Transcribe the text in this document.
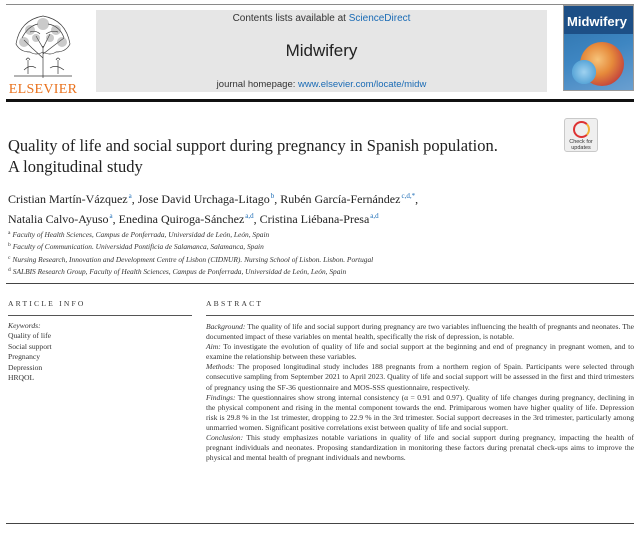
ELSEVIER
Contents lists available at ScienceDirect
Midwifery
journal homepage: www.elsevier.com/locate/midw
Midwifery
Quality of life and social support during pregnancy in Spanish population.
A longitudinal study
Check for
updates
Cristian Martín-Vázquez$^a$, Jose David Urchaga-Litago$^b$, Rubén García-Fernández$^{c,d,*}$,
Natalia Calvo-Ayuso$^a$, Enedina Quiroga-Sánchez$^{a,d}$, Cristina Liébana-Presa$^{a,d}$
$^a$ Faculty of Health Sciences, Campus de Ponferrada, Universidad de León, León, Spain
$^b$ Faculty of Communication. Universidad Pontificia de Salamanca, Salamanca, Spain
$^c$ Nursing Research, Innovation and Development Centre of Lisbon (CIDNUR). Nursing School of Lisbon. Lisbon. Portugal
$^d$ SALBIS Research Group, Faculty of Health Sciences, Campus de Ponferrada, Universidad de León, León, Spain
ARTICLE INFO
Keywords:
Quality of life
Social support
Pregnancy
Depression
HRQOL
ABSTRACT

Background: The quality of life and social support during pregnancy are two variables influencing the health of pregnants and neonates. The documented impact of these variables on mental health, specifically the risk of depression, is notable.

Aim: To investigate the evolution of quality of life and social support at the beginning and end of pregnancy in pregnant women, and to examine the relationship between these variables.

Methods: The proposed longitudinal study includes 188 pregnants from a northern region of Spain. Participants were selected through consecutive sampling from September 2021 to April 2023. Quality of life and social support will be assessed in the first and third trimesters of pregnancy using the SF-36 questionnaire and MOS-SSS questionnaire, respectively.

Findings: The questionnaires show strong internal consistency (α = 0.91 and 0.97). Quality of life changes during pregnancy, declining in the physical component and rising in the mental component towards the end. Primiparous women have higher quality of life. Depression risk is 29.8 % in the 1st trimester, dropping to 22.9 % in the 3rd trimester. Social support decreases in the 3rd trimester, particularly among unmarried women. Significant positive correlations exist between quality of life and social support.

Conclusion: This study emphasizes notable variations in quality of life and social support during pregnancy, impacting the health of pregnant individuals and neonates. Proposing standardization in monitoring these factors during prenatal check-ups aims to improve the physical and mental health of pregnant individuals and newborns.
